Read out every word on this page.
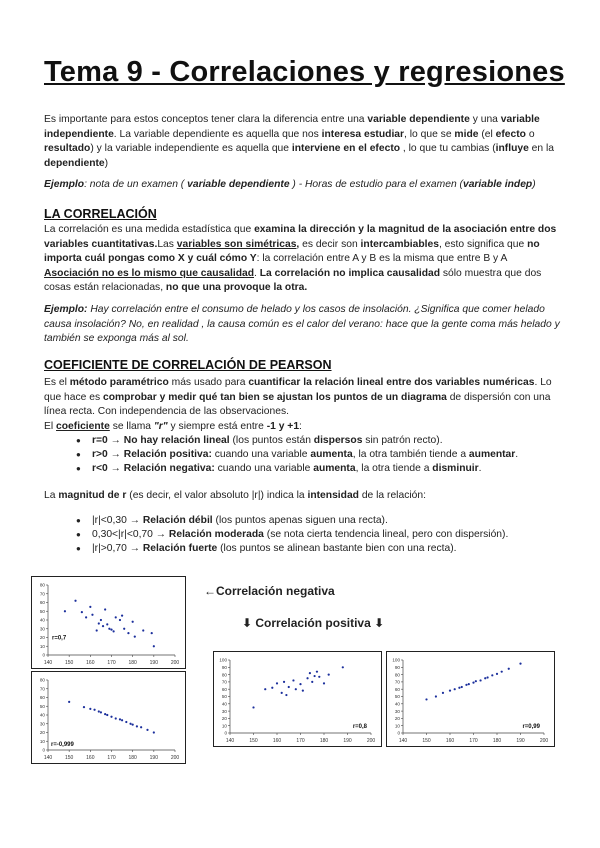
Tema 9 - Correlaciones y regresiones

Es importante para estos conceptos tener clara la diferencia entre una variable dependiente y una variable independiente. La variable dependiente es aquella que nos interesa estudiar, lo que se mide (el efecto o resultado) y la variable independiente es aquella que interviene en el efecto , lo que tu cambias (influye en la dependiente)

Ejemplo: nota de un examen ( variable dependiente ) - Horas de estudio para el examen (variable indep)

LA CORRELACIÓN

La correlación es una medida estadística que examina la dirección y la magnitud de la asociación entre dos variables cuantitativas.Las variables son simétricas, es decir son intercambiables, esto significa que no importa cuál pongas como X y cuál cómo Y: la correlación entre A y B es la misma que entre B y A Asociación no es lo mismo que causalidad. La correlación no implica causalidad sólo muestra que dos cosas están relacionadas, no que una provoque la otra.

Ejemplo: Hay correlación entre el consumo de helado y los casos de insolación. ¿Significa que comer helado causa insolación? No, en realidad , la causa común es el calor del verano: hace que la gente coma más helado y también se exponga más al sol.

COEFICIENTE DE CORRELACIÓN DE PEARSON

Es el método paramétrico más usado para cuantificar la relación lineal entre dos variables numéricas. Lo que hace es comprobar y medir qué tan bien se ajustan los puntos de un diagrama de dispersión con una línea recta. Con independencia de las observaciones.
El coeficiente se llama "r" y siempre está entre -1 y +1:

● r=0 → No hay relación lineal (los puntos están dispersos sin patrón recto).
● r>0 → Relación positiva: cuando una variable aumenta, la otra también tiende a aumentar.
● r<0 → Relación negativa: cuando una variable aumenta, la otra tiende a disminuir.

La magnitud de r (es decir, el valor absoluto |r|) indica la intensidad de la relación:

● |r|<0,30 → Relación débil (los puntos apenas siguen una recta).
● 0,30<|r|<0,70 → Relación moderada (se nota cierta tendencia lineal, pero con dispersión).
● |r|>0,70 → Relación fuerte (los puntos se alinean bastante bien con una recta).
140	150	160	170	180	190	200
0
10
20
30
40
50
60
70
80
r=0,7
140	150	160	170	180	190	200
0
10
20
30
40
50
60
70
80
r=-0,999
140	150	160	170	180	190	200
0
10
20
30
40
50
60
70
80
90
100
r=0,8
140	150	160	170	180	190	200
0
10
20
30
40
50
60
70
80
90
100
r=0,99
←Correlación negativa
⬇ Correlación positiva ⬇
